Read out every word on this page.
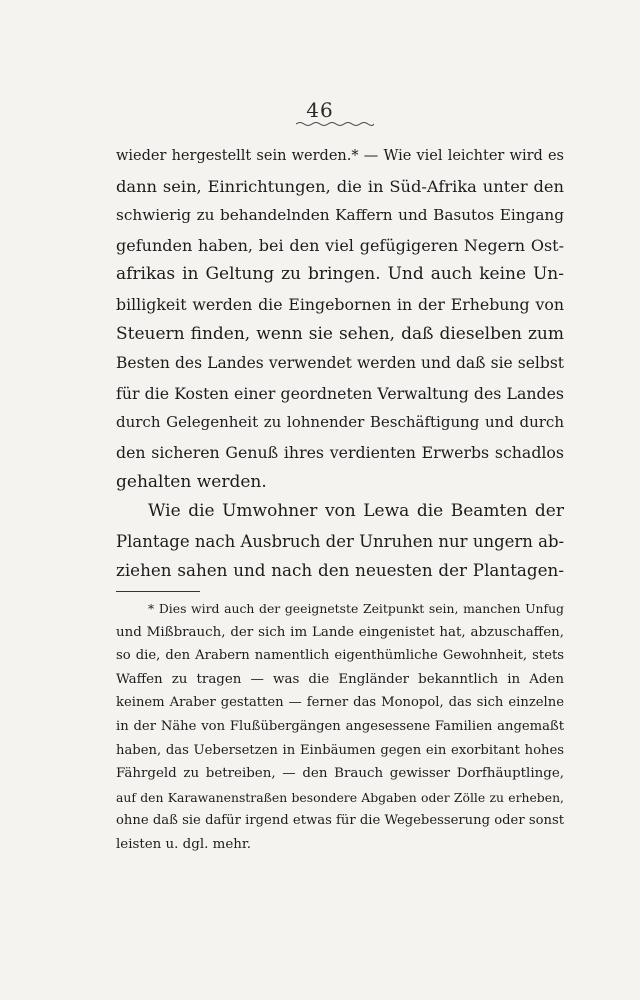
46
wieder hergestellt sein werden.* — Wie viel leichter wird es
dann sein, Einrichtungen, die in Süd-Afrika unter den
schwierig zu behandelnden Kaffern und Basutos Eingang
gefunden haben, bei den viel gefügigeren Negern Ost-
afrikas in Geltung zu bringen. Und auch keine Un-
billigkeit werden die Eingebornen in der Erhebung von
Steuern finden, wenn sie sehen, daß dieselben zum
Besten des Landes verwendet werden und daß sie selbst
für die Kosten einer geordneten Verwaltung des Landes
durch Gelegenheit zu lohnender Beschäftigung und durch
den sicheren Genuß ihres verdienten Erwerbs schadlos
gehalten werden.
Wie die Umwohner von Lewa die Beamten der
Plantage nach Ausbruch der Unruhen nur ungern ab-
ziehen sahen und nach den neuesten der Plantagen-
* Dies wird auch der geeignetste Zeitpunkt sein, manchen Unfug
und Mißbrauch, der sich im Lande eingenistet hat, abzuschaffen,
so die, den Arabern namentlich eigenthümliche Gewohnheit, stets
Waffen zu tragen — was die Engländer bekanntlich in Aden
keinem Araber gestatten — ferner das Monopol, das sich einzelne
in der Nähe von Flußübergängen angesessene Familien angemaßt
haben, das Uebersetzen in Einbäumen gegen ein exorbitant hohes
Fährgeld zu betreiben, — den Brauch gewisser Dorfhäuptlinge,
auf den Karawanenstraßen besondere Abgaben oder Zölle zu erheben,
ohne daß sie dafür irgend etwas für die Wegebesserung oder sonst
leisten u. dgl. mehr.
